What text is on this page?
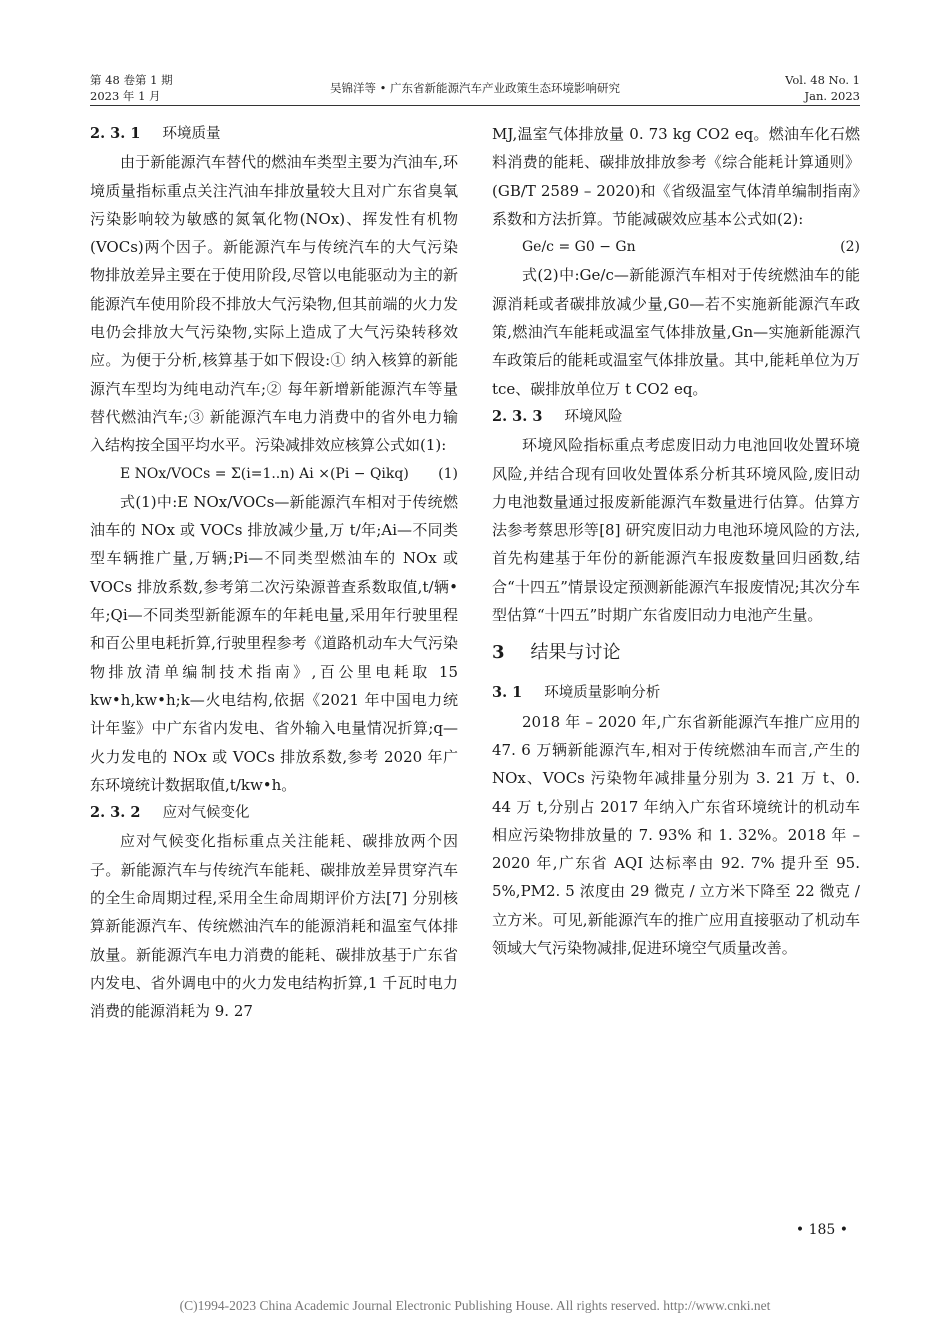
第 48 卷第 1 期
2023 年 1 月
吴锦洋等 • 广东省新能源汽车产业政策生态环境影响研究
Vol. 48 No. 1
Jan. 2023

2. 3. 1 环境质量

由于新能源汽车替代的燃油车类型主要为汽油车,环境质量指标重点关注汽油车排放量较大且对广东省臭氧污染影响较为敏感的氮氧化物(NOx)、挥发性有机物(VOCs)两个因子。新能源汽车与传统汽车的大气污染物排放差异主要在于使用阶段,尽管以电能驱动为主的新能源汽车使用阶段不排放大气污染物,但其前端的火力发电仍会排放大气污染物,实际上造成了大气污染转移效应。为便于分析,核算基于如下假设:① 纳入核算的新能源汽车型均为纯电动汽车;② 每年新增新能源汽车等量替代燃油汽车;③ 新能源汽车电力消费中的省外电力输入结构按全国平均水平。污染减排效应核算公式如(1):

E NOx/VOCs = Σ(i=1..n) Ai ×(Pi − Qikq) (1)

式(1)中:E NOx/VOCs—新能源汽车相对于传统燃油车的 NOx 或 VOCs 排放减少量,万 t/年;Ai—不同类型车辆推广量,万辆;Pi—不同类型燃油车的 NOx 或 VOCs 排放系数,参考第二次污染源普查系数取值,t/辆•年;Qi—不同类型新能源车的年耗电量,采用年行驶里程和百公里电耗折算,行驶里程参考《道路机动车大气污染物排放清单编制技术指南》,百公里电耗取 15 kw•h,kw•h;k—火电结构,依据《2021 年中国电力统计年鉴》中广东省内发电、省外输入电量情况折算;q—火力发电的 NOx 或 VOCs 排放系数,参考 2020 年广东环境统计数据取值,t/kw•h。

2. 3. 2 应对气候变化

应对气候变化指标重点关注能耗、碳排放两个因子。新能源汽车与传统汽车能耗、碳排放差异贯穿汽车的全生命周期过程,采用全生命周期评价方法[7] 分别核算新能源汽车、传统燃油汽车的能源消耗和温室气体排放量。新能源汽车电力消费的能耗、碳排放基于广东省内发电、省外调电中的火力发电结构折算,1 千瓦时电力消费的能源消耗为 9. 27

MJ,温室气体排放量 0. 73 kg CO2 eq。燃油车化石燃料消费的能耗、碳排放排放参考《综合能耗计算通则》(GB/T 2589 – 2020)和《省级温室气体清单编制指南》系数和方法折算。节能减碳效应基本公式如(2):

Ge/c = G0 − Gn	(2)

式(2)中:Ge/c—新能源汽车相对于传统燃油车的能源消耗或者碳排放减少量,G0—若不实施新能源汽车政策,燃油汽车能耗或温室气体排放量,Gn—实施新能源汽车政策后的能耗或温室气体排放量。其中,能耗单位为万 tce、碳排放单位万 t CO2 eq。

2. 3. 3 环境风险

环境风险指标重点考虑废旧动力电池回收处置环境风险,并结合现有回收处置体系分析其环境风险,废旧动力电池数量通过报废新能源汽车数量进行估算。估算方法参考蔡思形等[8] 研究废旧动力电池环境风险的方法,首先构建基于年份的新能源汽车报废数量回归函数,结合“十四五”情景设定预测新能源汽车报废情况;其次分车型估算“十四五”时期广东省废旧动力电池产生量。

3 结果与讨论

3. 1 环境质量影响分析

2018 年 – 2020 年,广东省新能源汽车推广应用的 47. 6 万辆新能源汽车,相对于传统燃油车而言,产生的 NOx、VOCs 污染物年减排量分别为 3. 21 万 t、0. 44 万 t,分别占 2017 年纳入广东省环境统计的机动车相应污染物排放量的 7. 93% 和 1. 32%。2018 年 – 2020 年,广东省 AQI 达标率由 92. 7% 提升至 95. 5%,PM2. 5 浓度由 29 微克 / 立方米下降至 22 微克 / 立方米。可见,新能源汽车的推广应用直接驱动了机动车领域大气污染物减排,促进环境空气质量改善。

• 185 •
(C)1994-2023 China Academic Journal Electronic Publishing House. All rights reserved. http://www.cnki.net
